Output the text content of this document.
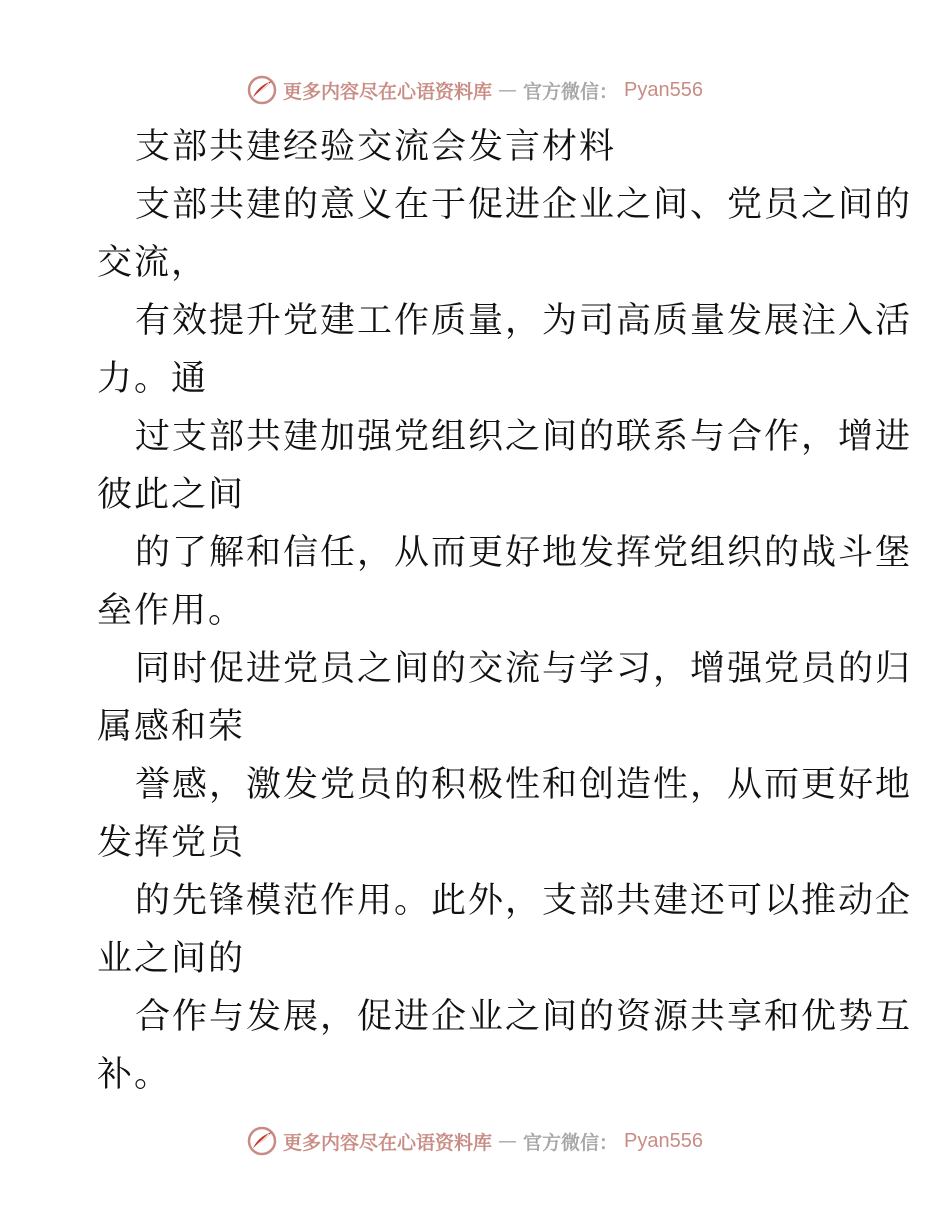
更多内容尽在心语资料库 — 官方微信： Pyan556
支部共建经验交流会发言材料
支部共建的意义在于促进企业之间、党员之间的
交流，
有效提升党建工作质量，为司高质量发展注入活
力。通
过支部共建加强党组织之间的联系与合作，增进
彼此之间
的了解和信任，从而更好地发挥党组织的战斗堡
垒作用。
同时促进党员之间的交流与学习，增强党员的归
属感和荣
誉感，激发党员的积极性和创造性，从而更好地
发挥党员
的先锋模范作用。此外，支部共建还可以推动企
业之间的
合作与发展，促进企业之间的资源共享和优势互
补。
更多内容尽在心语资料库 — 官方微信： Pyan556
